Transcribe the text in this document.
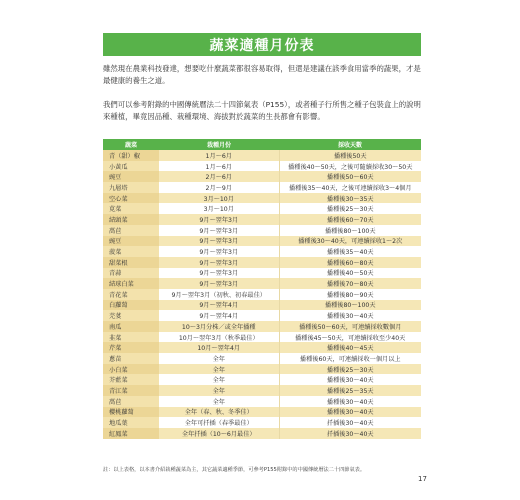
蔬菜適種月份表
雖然現在農業科技發達，想要吃什麼蔬菜都很容易取得，但還是建議在該季食用當季的蔬果，才是最健康的養生之道。
我們可以參考附錄的中國傳統曆法二十四節氣表（P155），或者種子行所售之種子包裝盒上的說明來種植，畢竟因品種、栽種環境、海拔對於蔬菜的生長都會有影響。
蔬菜	栽種月份	採收天數
青（甜）椒	1月～6月	播種後50天
小黃瓜	1月～6月	播種後40～50天，之後可隨續採收30～50天
豌豆	2月～6月	播種後50～60天
九層塔	2月～9月	播種後35～40天，之後可連續採收3～4個月
空心菜	3月～10月	播種後30～35天
莧菜	3月～10月	播種後25～30天
結頭菜	9月～翌年3月	播種後60～70天
萵苣	9月～翌年3月	播種後80～100天
豌豆	9月～翌年3月	播種後30～40天，可連續採收1～2次
菠菜	9月～翌年3月	播種後35～40天
甜菜根	9月～翌年3月	播種後60～80天
青蒜	9月～翌年3月	播種後40～50天
結球白菜	9月～翌年3月	播種後70～80天
青花菜	9月～翌年3月（初秋、初春最佳）	播種後80～90天
白蘿蔔	9月～翌年4月	播種後80～100天
芫荽	9月～翌年4月	播種後30～40天
南瓜	10～3月分株／或全年播種	播種後50～60天，可連續採收數個月
韭菜	10月～翌年3月（秋季最佳）	播種後45～50天，可連續採收至少40天
芹菜	10月～翌年4月	播種後40～45天
蔥苗	全年	播種後60天，可連續採收一個月以上
小白菜	全年	播種後25～30天
芥藍菜	全年	播種後30～40天
青江菜	全年	播種後25～35天
萵苣	全年	播種後30～40天
櫻桃蘿蔔	全年（春、秋、冬季佳）	播種後30～40天
地瓜葉	全年可扦插（春季最佳）	扦插後30～40天
紅鳳菜	全年扦插（10～6月最佳）	扦插後30～40天
註：以上表格，以本書介紹栽種蔬菜為主，其它蔬菜適種季節，可參考P155附錄中的中國傳統曆法二十四節氣表。
17
